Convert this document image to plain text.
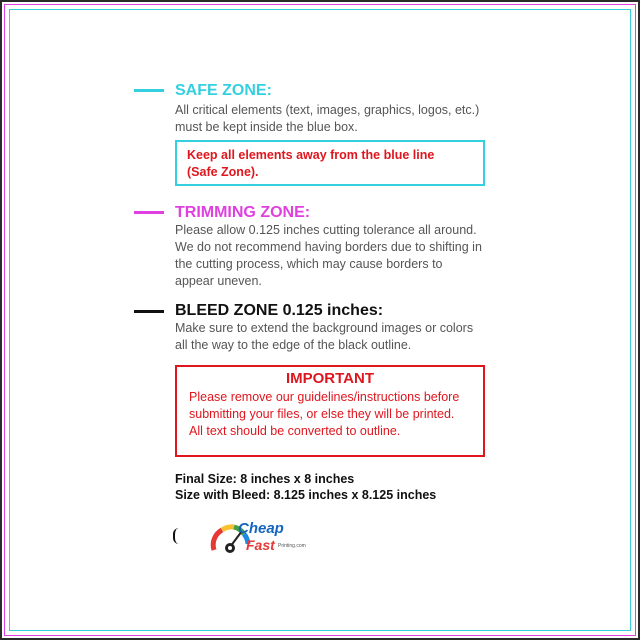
SAFE ZONE:
All critical elements (text, images, graphics, logos, etc.)
must be kept inside the blue box.
Keep all elements away from the blue line
(Safe Zone).
TRIMMING ZONE:
Please allow 0.125 inches cutting tolerance all around.
We do not recommend having borders due to shifting in
the cutting process, which may cause borders to
appear uneven.
BLEED ZONE 0.125 inches:
Make sure to extend the background images or colors
all the way to the edge of the black outline.
IMPORTANT
Please remove our guidelines/instructions before
submitting your files, or else they will be printed.
All text should be converted to outline.
Final Size: 8 inches x 8 inches
Size with Bleed: 8.125 inches x 8.125 inches
Cheap
Fast Printing.com
